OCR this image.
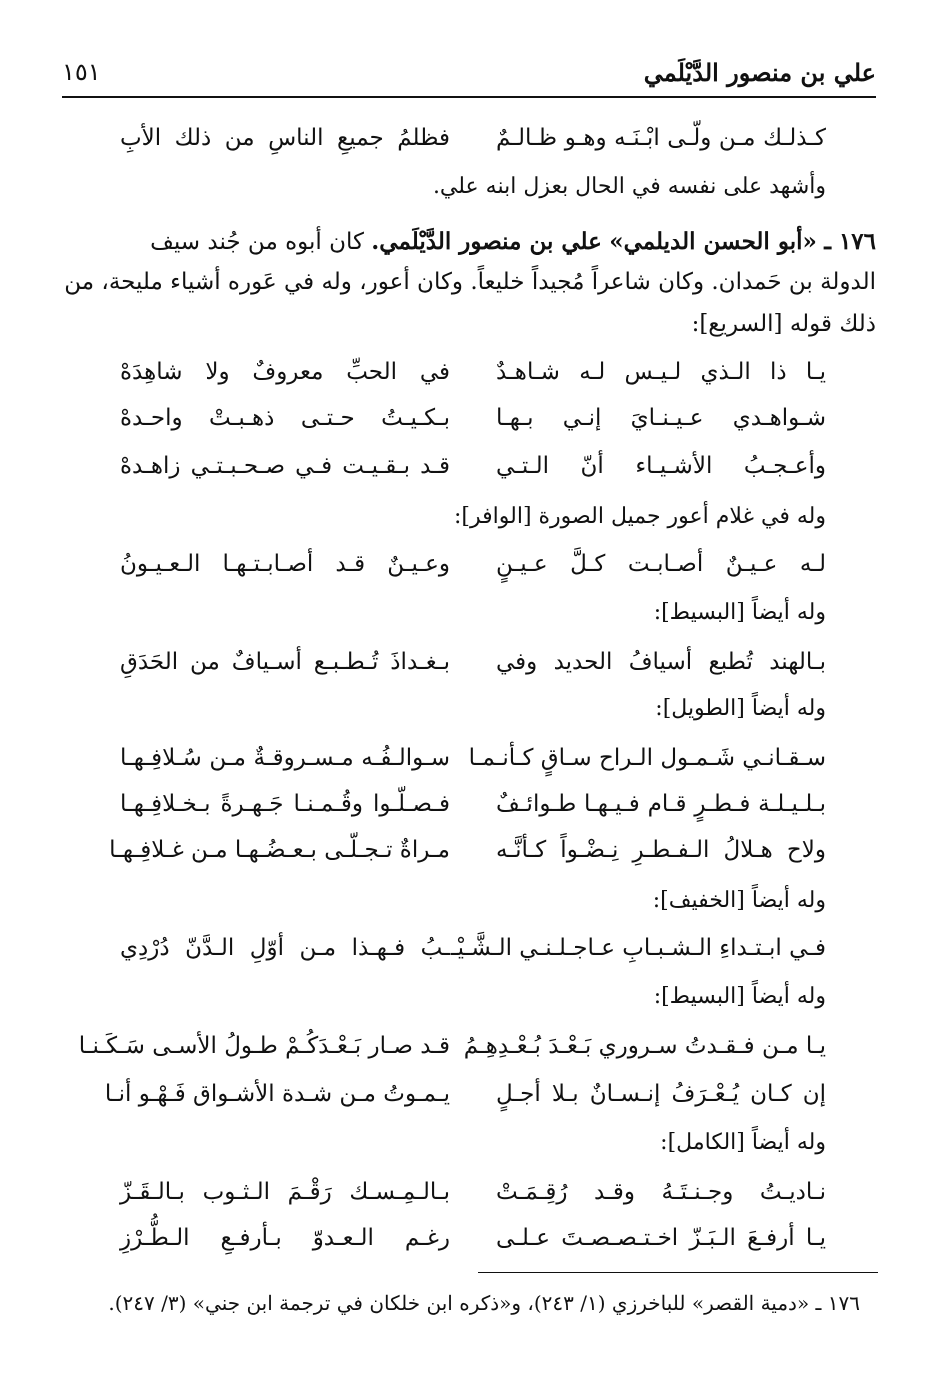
علي بن منصور الدَّيْلَمي
١٥١
كـذلـك مـن ولّـى ابْـنَـه وهـو ظـالـمٌ
فظلمُ جميعِ الناسِ من ذلك الأبِ
وأشهد على نفسه في الحال بعزل ابنه علي.
١٧٦ ـ «أبو الحسن الديلمي» علي بن منصور الدَّيْلَمي. كان أبوه من جُند سيف
الدولة بن حَمدان. وكان شاعراً مُجيداً خليعاً. وكان أعور، وله في عَوره أشياء مليحة، من
ذلك قوله [السريع]:
يـا ذا الـذي لـيـس لـه شـاهـدٌ
في الحبِّ معروفٌ ولا شاهِدَهْ
شـواهـدي عـيـنـايَ إنـي بـهـا
بـكـيـتُ حـتـى ذهـبـتْ واحـدهْ
وأعـجـبُ الأشـيـاء أنّ الـتـي
قـد بـقـيـت فـي صـحـبـتـي زاهـدهْ
وله في غلام أعور جميل الصورة [الوافر]:
لـه عـيـنٌ أصـابـت كـلَّ عـيـنٍ
وعـيـنٌ قـد أصـابـتـهـا الـعـيـونُ
وله أيضاً [البسيط]:
بـالهند تُطبع أسيافُ الحديد وفي
بـغـداذَ تُـطـبـع أسـيافٌ من الحَدَقِ
وله أيضاً [الطويل]:
سـقـانـي شَـمـول الـراح سـاقٍ كـأنـمـا
سـوالـفُـه مـسـروقـةٌ مـن سُـلافِـهـا
بـلـيـلـة فـطـرٍ قـام فـيـهـا طـوائـفٌ
فـصـلّـوا وقُـمـنـا جَـهـرةً بـخـلافِـهـا
ولاح هـلالُ الـفـطـرِ نِـضْـواً كـأنَّـه
مـراةٌ تـجـلّـى بـعـضُـهـا مـن غـلافِـهـا
وله أيضاً [الخفيف]:
فـي ابـتـداءِ الـشـبـابِ عـاجـلـنـي الـشَّـيْـ
ـبُ فـهـذا مـن أوّلِ الـدَّنّ دُرْدِي
وله أيضاً [البسيط]:
يـا مـن فـقـدتُ سـروري بَـعْـدَ بُـعْـدِهِـمُ
قـد صـار بَـعْـدَكُـمْ طـولُ الأسـى سَـكَـنـا
إن كـان يُـعْـرَفُ إنـسـانٌ بـلا أجـلٍ
يـمـوتُ مـن شـدة الأشـواق فَـهْـو أنـا
وله أيضاً [الكامل]:
نـاديـتُ وجـنـتَـهُ وقـد رُقِـمَـتْ
بـالـمِـسـك رَقْـمَ الـثـوب بـالـقَـزّ
يـا أرفـعَ الـبَـزّ اخـتـصـصـتَ عـلـى
رغـم الـعـدوّ بـأرفـعِ الـطُّـرْزِ
١٧٦ ـ «دمية القصر» للباخرزي (١/ ٢٤٣)، و«ذكره ابن خلكان في ترجمة ابن جني» (٣/ ٢٤٧).
